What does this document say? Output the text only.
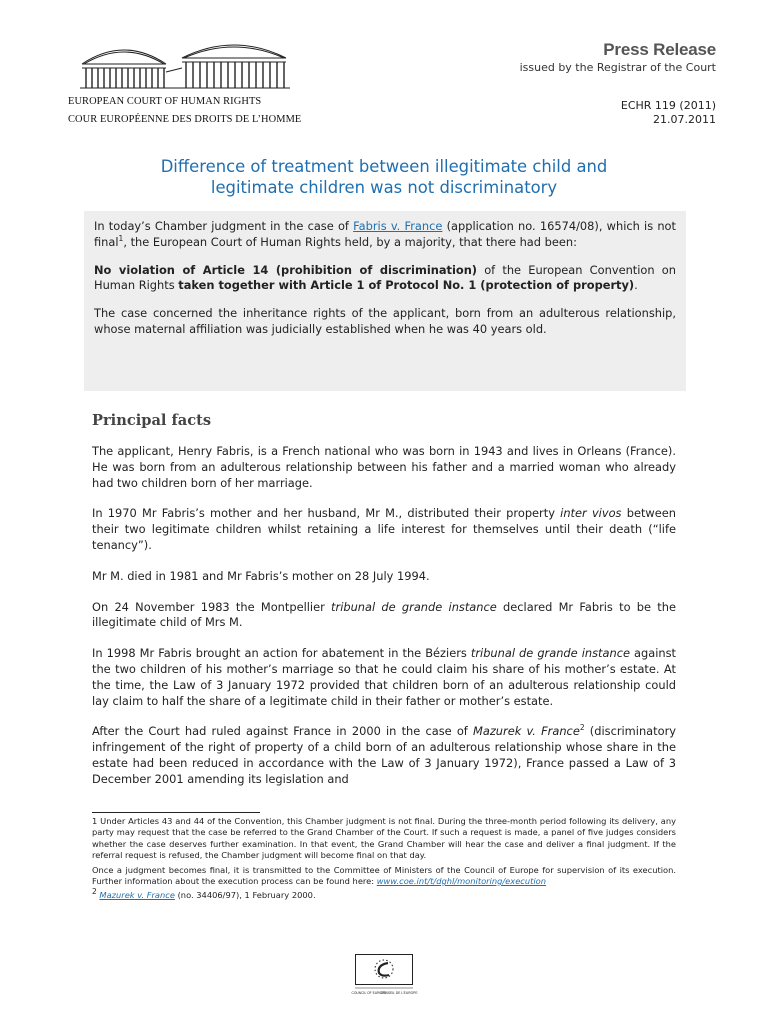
EUROPEAN COURT OF HUMAN RIGHTS
COUR EUROPÉENNE DES DROITS DE L’HOMME
Press Release
issued by the Registrar of the Court
ECHR 119 (2011)
21.07.2011
Difference of treatment between illegitimate child and
legitimate children was not discriminatory

In today’s Chamber judgment in the case of Fabris v. France (application no. 16574/08), which is not final$^1$, the European Court of Human Rights held, by a majority, that there had been:

No violation of Article 14 (prohibition of discrimination) of the European Convention on Human Rights taken together with Article 1 of Protocol No. 1 (protection of property).

The case concerned the inheritance rights of the applicant, born from an adulterous relationship, whose maternal affiliation was judicially established when he was 40 years old.

Principal facts

The applicant, Henry Fabris, is a French national who was born in 1943 and lives in Orleans (France). He was born from an adulterous relationship between his father and a married woman who already had two children born of her marriage.

In 1970 Mr Fabris’s mother and her husband, Mr M., distributed their property inter vivos between their two legitimate children whilst retaining a life interest for themselves until their death (“life tenancy”).

Mr M. died in 1981 and Mr Fabris’s mother on 28 July 1994.

On 24 November 1983 the Montpellier tribunal de grande instance declared Mr Fabris to be the illegitimate child of Mrs M.

In 1998 Mr Fabris brought an action for abatement in the Béziers tribunal de grande instance against the two children of his mother’s marriage so that he could claim his share of his mother’s estate. At the time, the Law of 3 January 1972 provided that children born of an adulterous relationship could lay claim to half the share of a legitimate child in their father or mother’s estate.

After the Court had ruled against France in 2000 in the case of Mazurek v. France$^2$ (discriminatory infringement of the right of property of a child born of an adulterous relationship whose share in the estate had been reduced in accordance with the Law of 3 January 1972), France passed a Law of 3 December 2001 amending its legislation and

1 Under Articles 43 and 44 of the Convention, this Chamber judgment is not final. During the three-month period following its delivery, any party may request that the case be referred to the Grand Chamber of the Court. If such a request is made, a panel of five judges considers whether the case deserves further examination. In that event, the Grand Chamber will hear the case and deliver a final judgment. If the referral request is refused, the Chamber judgment will become final on that day.

Once a judgment becomes final, it is transmitted to the Committee of Ministers of the Council of Europe for supervision of its execution. Further information about the execution process can be found here: www.coe.int/t/dghl/monitoring/execution

$^2$ Mazurek v. France (no. 34406/97), 1 February 2000.

COUNCIL OF EUROPE
CONSEIL DE L'EUROPE
